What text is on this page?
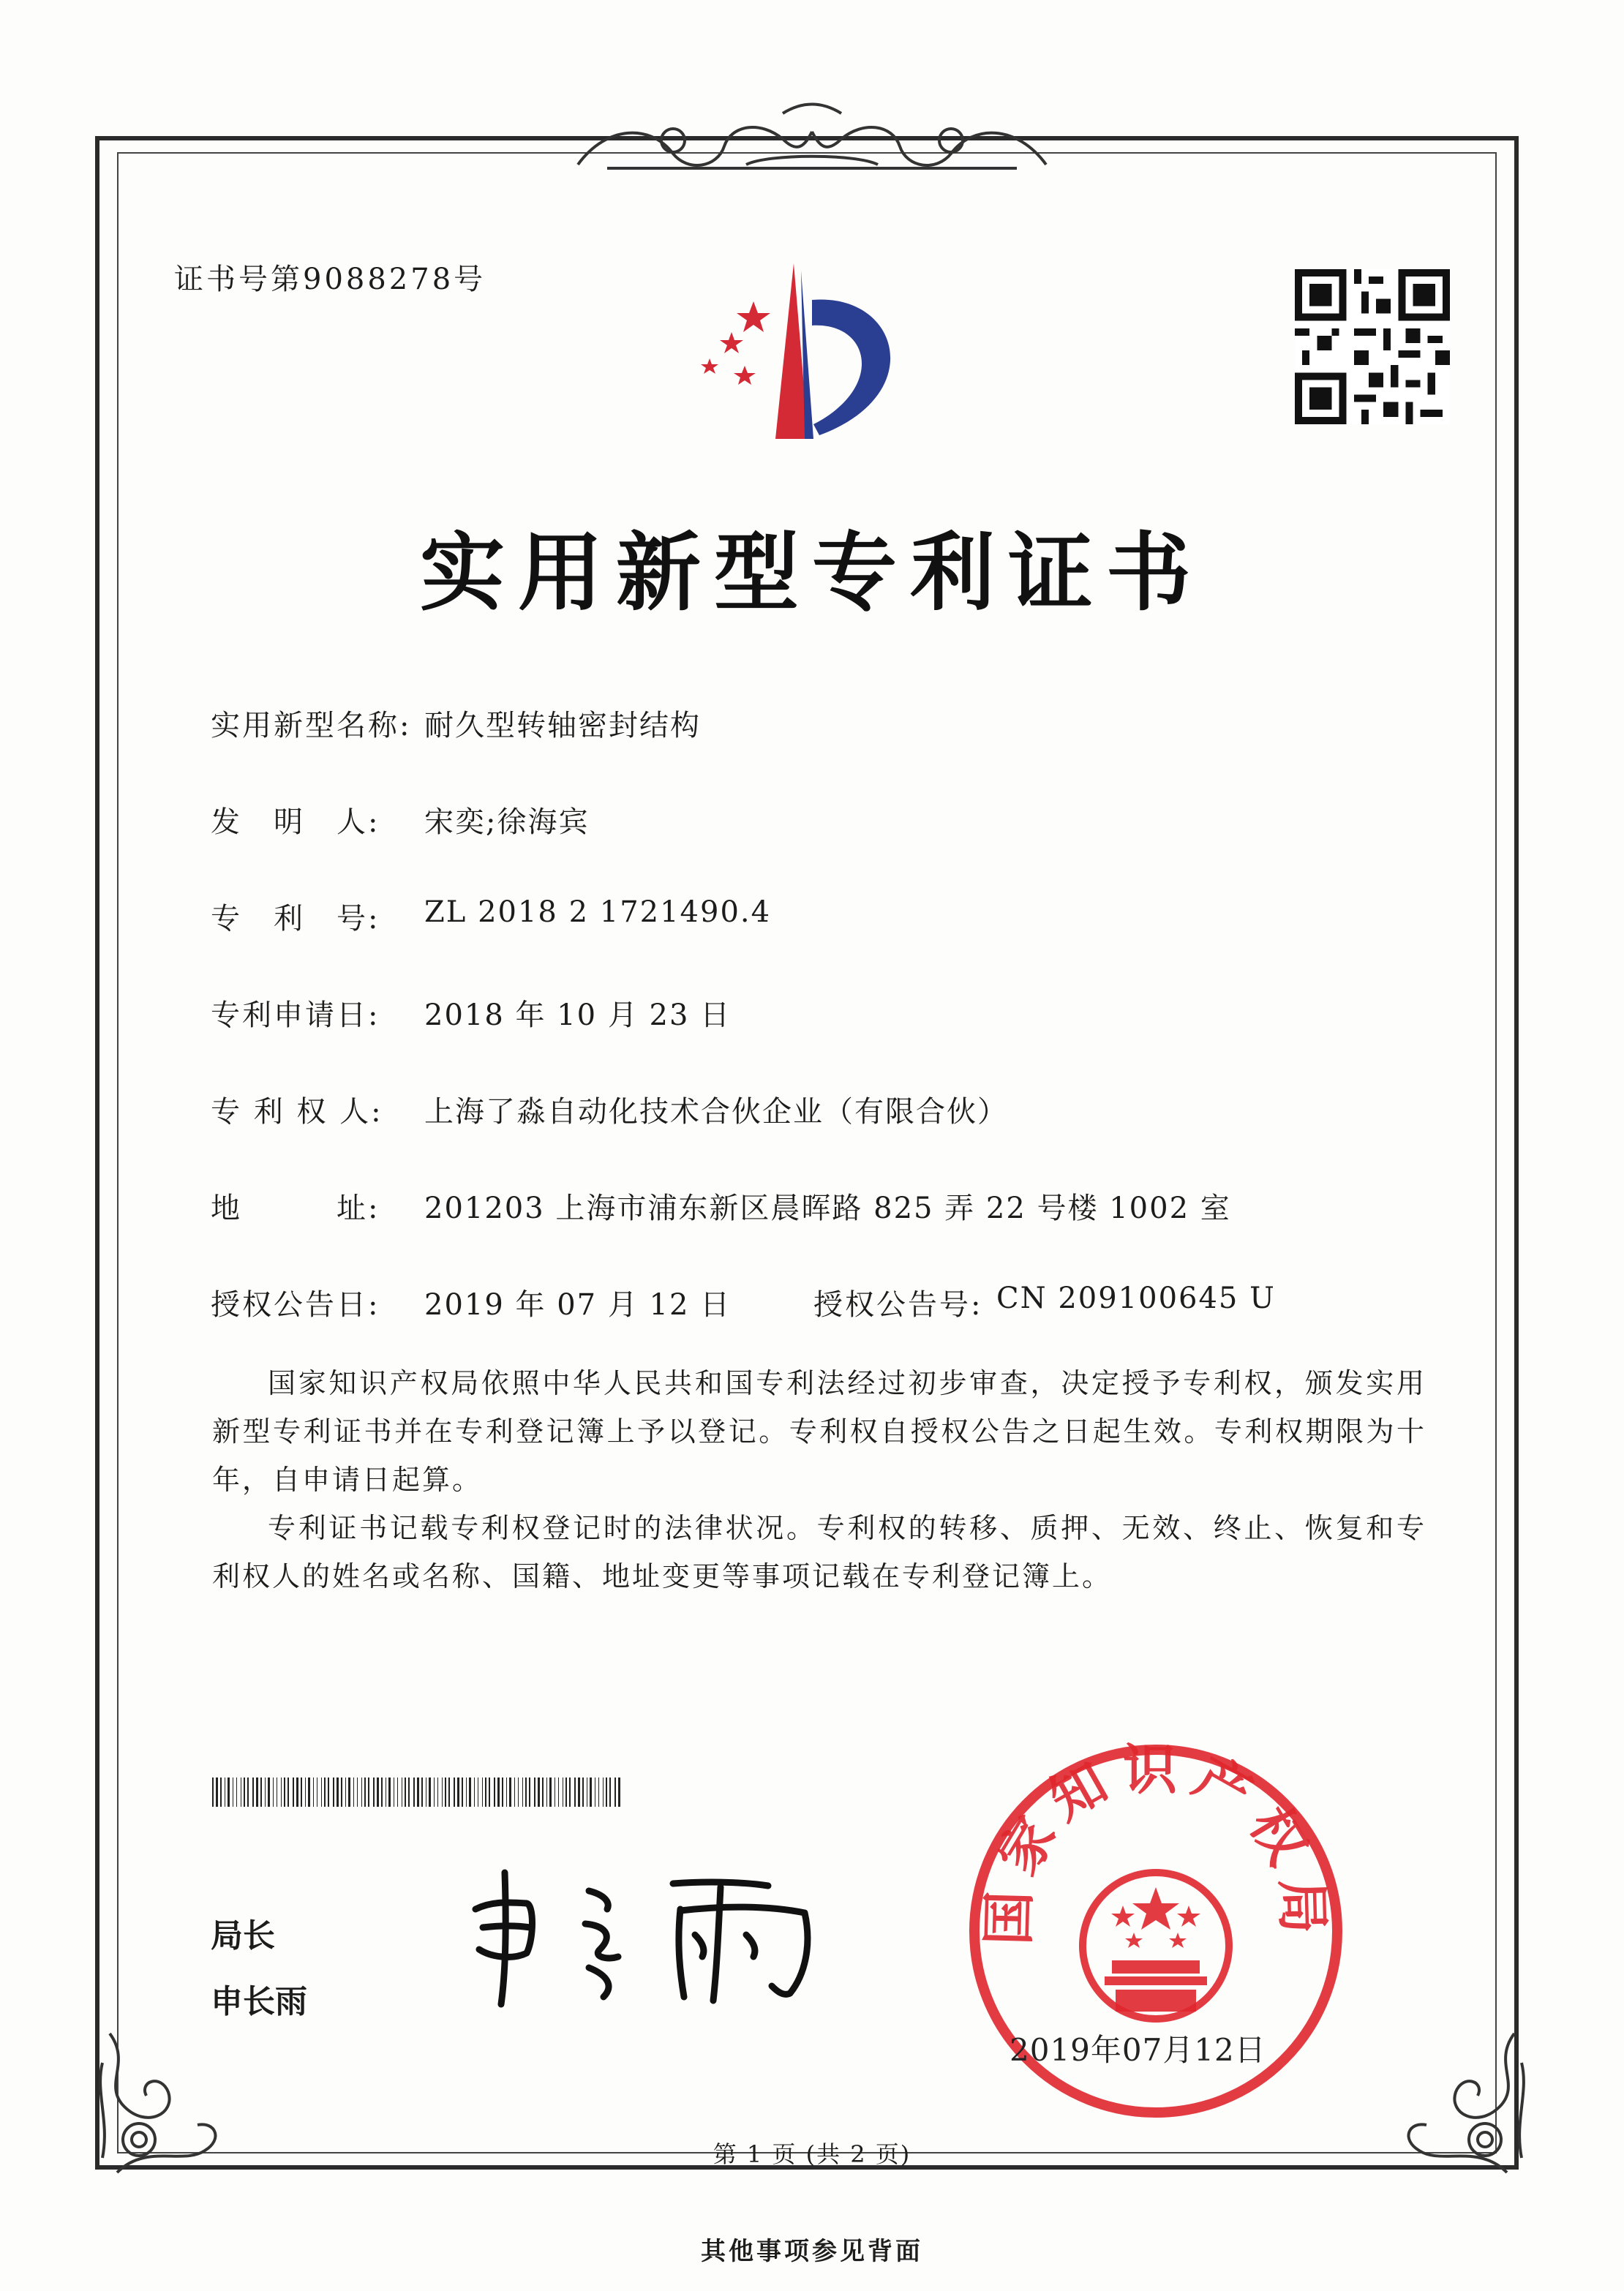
证书号第9088278号
实用新型专利证书
实用新型名称: 耐久型转轴密封结构
发　明　人: 宋奕;徐海宾
专　利　号: ZL 2018 2 1721490.4
专利申请日: 2018 年 10 月 23 日
专 利 权 人: 上海了淼自动化技术合伙企业（有限合伙）
地　　　址: 201203 上海市浦东新区晨晖路 825 弄 22 号楼 1002 室
授权公告日: 2019 年 07 月 12 日	授权公告号: CN 209100645 U
国家知识产权局依照中华人民共和国专利法经过初步审查，决定授予专利权，颁发实用新型专利证书并在专利登记簿上予以登记。专利权自授权公告之日起生效。专利权期限为十年，自申请日起算。
专利证书记载专利权登记时的法律状况。专利权的转移、质押、无效、终止、恢复和专利权人的姓名或名称、国籍、地址变更等事项记载在专利登记簿上。
局长
申长雨
国家知识产权局
2019年07月12日
第 1 页 (共 2 页)
其他事项参见背面
